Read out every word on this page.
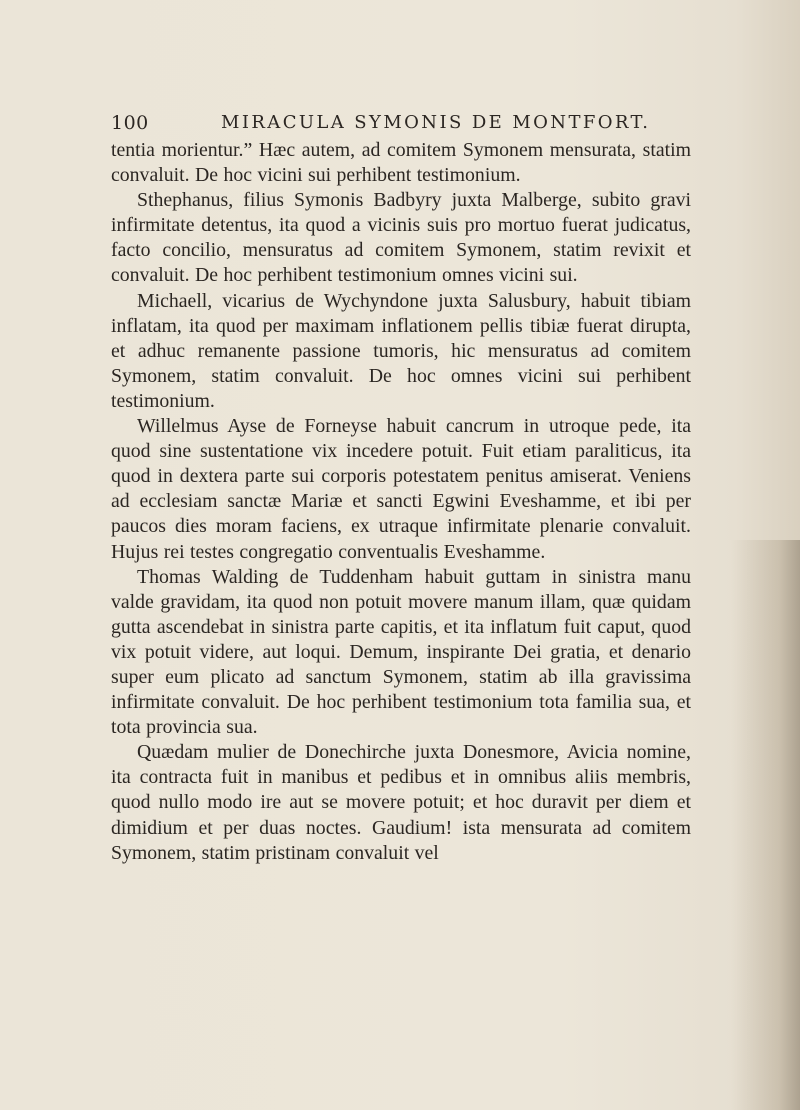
100	MIRACULA SYMONIS DE MONTFORT.

tentia morientur.” Hæc autem, ad comitem Symonem mensurata, statim convaluit. De hoc vicini sui perhibent testimonium.

Sthephanus, filius Symonis Badbyry juxta Malberge, subito gravi infirmitate detentus, ita quod a vicinis suis pro mortuo fuerat judicatus, facto concilio, mensuratus ad comitem Symonem, statim revixit et convaluit. De hoc perhibent testimonium omnes vicini sui.

Michaell, vicarius de Wychyndone juxta Salusbury, habuit tibiam inflatam, ita quod per maximam inflationem pellis tibiæ fuerat dirupta, et adhuc remanente passione tumoris, hic mensuratus ad comitem Symonem, statim convaluit. De hoc omnes vicini sui perhibent testimonium.

Willelmus Ayse de Forneyse habuit cancrum in utroque pede, ita quod sine sustentatione vix incedere potuit. Fuit etiam paraliticus, ita quod in dextera parte sui corporis potestatem penitus amiserat. Veniens ad ecclesiam sanctæ Mariæ et sancti Egwini Eveshamme, et ibi per paucos dies moram faciens, ex utraque infirmitate plenarie convaluit. Hujus rei testes congregatio conventualis Eveshamme.

Thomas Walding de Tuddenham habuit guttam in sinistra manu valde gravidam, ita quod non potuit movere manum illam, quæ quidam gutta ascendebat in sinistra parte capitis, et ita inflatum fuit caput, quod vix potuit videre, aut loqui. Demum, inspirante Dei gratia, et denario super eum plicato ad sanctum Symonem, statim ab illa gravissima infirmitate convaluit. De hoc perhibent testimonium tota familia sua, et tota provincia sua.

Quædam mulier de Donechirche juxta Donesmore, Avicia nomine, ita contracta fuit in manibus et pedibus et in omnibus aliis membris, quod nullo modo ire aut se movere potuit; et hoc duravit per diem et dimidium et per duas noctes. Gaudium! ista mensurata ad comitem Symonem, statim pristinam convaluit vel
